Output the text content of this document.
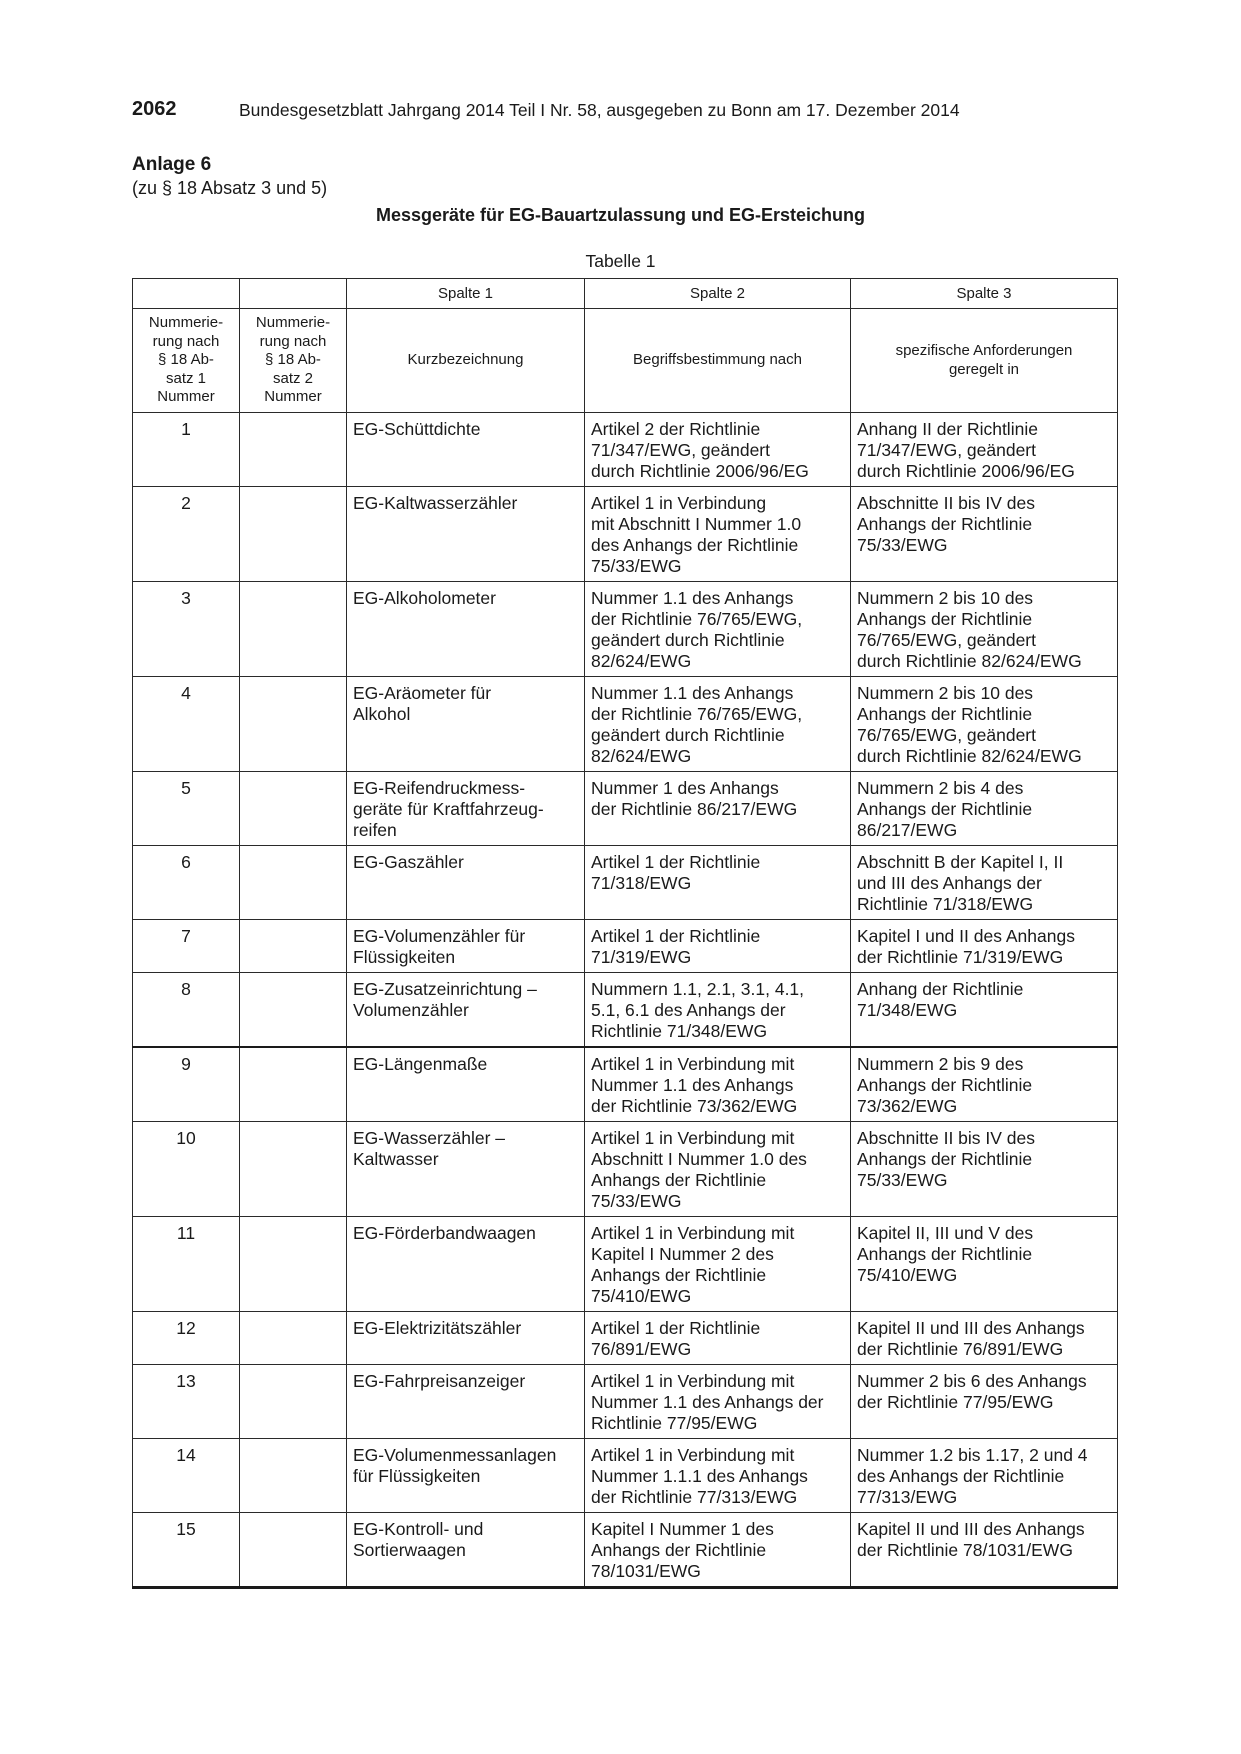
2062	Bundesgesetzblatt Jahrgang 2014 Teil I Nr. 58, ausgegeben zu Bonn am 17. Dezember 2014
Anlage 6
(zu § 18 Absatz 3 und 5)
Messgeräte für EG-Bauartzulassung und EG-Ersteichung
Tabelle 1
		Spalte 1	Spalte 2	Spalte 3
Nummerie-
rung nach
§ 18 Ab-
satz 1
Nummer	Nummerie-
rung nach
§ 18 Ab-
satz 2
Nummer	Kurzbezeichnung	Begriffsbestimmung nach	spezifische Anforderungen
geregelt in
1		EG-Schüttdichte	Artikel 2 der Richtlinie
71/347/EWG, geändert
durch Richtlinie 2006/96/EG	Anhang II der Richtlinie
71/347/EWG, geändert
durch Richtlinie 2006/96/EG
2		EG-Kaltwasserzähler	Artikel 1 in Verbindung
mit Abschnitt I Nummer 1.0
des Anhangs der Richtlinie
75/33/EWG	Abschnitte II bis IV des
Anhangs der Richtlinie
75/33/EWG
3		EG-Alkoholometer	Nummer 1.1 des Anhangs
der Richtlinie 76/765/EWG,
geändert durch Richtlinie
82/624/EWG	Nummern 2 bis 10 des
Anhangs der Richtlinie
76/765/EWG, geändert
durch Richtlinie 82/624/EWG
4		EG-Aräometer für
Alkohol	Nummer 1.1 des Anhangs
der Richtlinie 76/765/EWG,
geändert durch Richtlinie
82/624/EWG	Nummern 2 bis 10 des
Anhangs der Richtlinie
76/765/EWG, geändert
durch Richtlinie 82/624/EWG
5		EG-Reifendruckmess-
geräte für Kraftfahrzeug-
reifen	Nummer 1 des Anhangs
der Richtlinie 86/217/EWG	Nummern 2 bis 4 des
Anhangs der Richtlinie
86/217/EWG
6		EG-Gaszähler	Artikel 1 der Richtlinie
71/318/EWG	Abschnitt B der Kapitel I, II
und III des Anhangs der
Richtlinie 71/318/EWG
7		EG-Volumenzähler für
Flüssigkeiten	Artikel 1 der Richtlinie
71/319/EWG	Kapitel I und II des Anhangs
der Richtlinie 71/319/EWG
8		EG-Zusatzeinrichtung –
Volumenzähler	Nummern 1.1, 2.1, 3.1, 4.1,
5.1, 6.1 des Anhangs der
Richtlinie 71/348/EWG	Anhang der Richtlinie
71/348/EWG
9		EG-Längenmaße	Artikel 1 in Verbindung mit
Nummer 1.1 des Anhangs
der Richtlinie 73/362/EWG	Nummern 2 bis 9 des
Anhangs der Richtlinie
73/362/EWG
10		EG-Wasserzähler –
Kaltwasser	Artikel 1 in Verbindung mit
Abschnitt I Nummer 1.0 des
Anhangs der Richtlinie
75/33/EWG	Abschnitte II bis IV des
Anhangs der Richtlinie
75/33/EWG
11		EG-Förderbandwaagen	Artikel 1 in Verbindung mit
Kapitel I Nummer 2 des
Anhangs der Richtlinie
75/410/EWG	Kapitel II, III und V des
Anhangs der Richtlinie
75/410/EWG
12		EG-Elektrizitätszähler	Artikel 1 der Richtlinie
76/891/EWG	Kapitel II und III des Anhangs
der Richtlinie 76/891/EWG
13		EG-Fahrpreisanzeiger	Artikel 1 in Verbindung mit
Nummer 1.1 des Anhangs der
Richtlinie 77/95/EWG	Nummer 2 bis 6 des Anhangs
der Richtlinie 77/95/EWG
14		EG-Volumenmessanlagen
für Flüssigkeiten	Artikel 1 in Verbindung mit
Nummer 1.1.1 des Anhangs
der Richtlinie 77/313/EWG	Nummer 1.2 bis 1.17, 2 und 4
des Anhangs der Richtlinie
77/313/EWG
15		EG-Kontroll- und
Sortierwaagen	Kapitel I Nummer 1 des
Anhangs der Richtlinie
78/1031/EWG	Kapitel II und III des Anhangs
der Richtlinie 78/1031/EWG
